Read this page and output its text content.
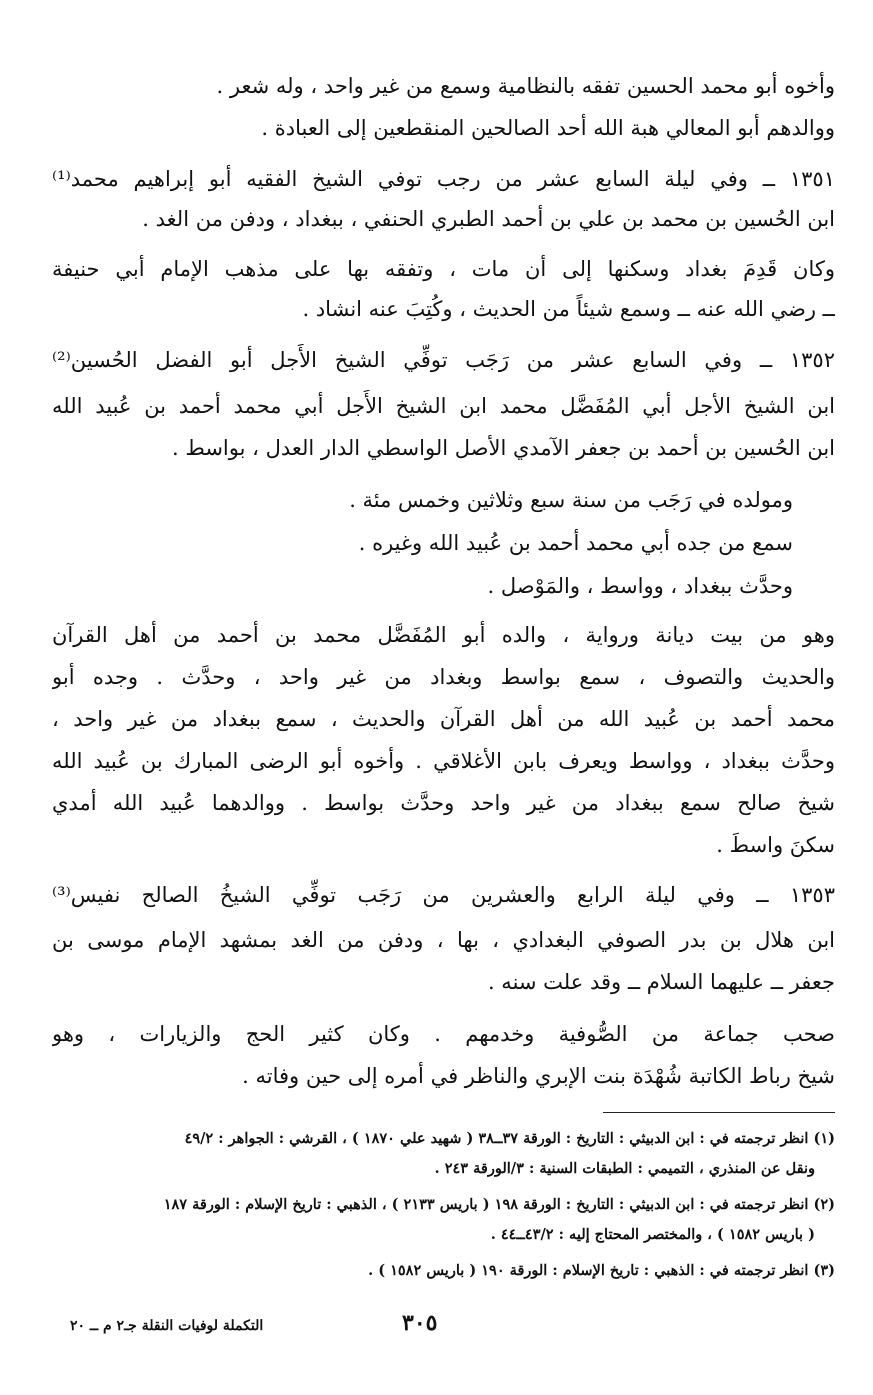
وأخوه أبو محمد الحسين تفقه بالنظامية وسمع من غير واحد ، وله شعر .
ووالدهم أبو المعالي هبة الله أحد الصالحين المنقطعين إلى العبادة .
١٣٥١ ــ وفي ليلة السابع عشر من رجب توفي الشيخ الفقيه أبو إبراهيم محمد⁽¹⁾
ابن الحُسين بن محمد بن علي بن أحمد الطبري الحنفي ، ببغداد ، ودفن من الغد .
وكان قَدِمَ بغداد وسكنها إلى أن مات ، وتفقه بها على مذهب الإمام أبي حنيفة
ــ رضي الله عنه ــ وسمع شيئاً من الحديث ، وكُتِبَ عنه انشاد .
١٣٥٢ ــ وفي السابع عشر من رَجَب توفِّي الشيخ الأَجل أبو الفضل الحُسين⁽²⁾
ابن الشيخ الأجل أبي المُفَضَّل محمد ابن الشيخ الأَجل أبي محمد أحمد بن عُبيد الله
ابن الحُسين بن أحمد بن جعفر الآمدي الأصل الواسطي الدار العدل ، بواسط .
ومولده في رَجَب من سنة سبع وثلاثين وخمس مئة .
سمع من جده أبي محمد أحمد بن عُبيد الله وغيره .
وحدَّث ببغداد ، وواسط ، والمَوْصل .
وهو من بيت ديانة ورواية ، والده أبو المُفَضَّل محمد بن أحمد من أهل القرآن
والحديث والتصوف ، سمع بواسط وبغداد من غير واحد ، وحدَّث . وجده أبو
محمد أحمد بن عُبيد الله من أهل القرآن والحديث ، سمع ببغداد من غير واحد ،
وحدَّث ببغداد ، وواسط ويعرف بابن الأغلاقي . وأخوه أبو الرضى المبارك بن عُبيد الله
شيخ صالح سمع ببغداد من غير واحد وحدَّث بواسط . ووالدهما عُبيد الله أمدي
سكنَ واسطَ .
١٣٥٣ ــ وفي ليلة الرابع والعشرين من رَجَب توفِّي الشيخُ الصالح نفيس⁽³⁾
ابن هلال بن بدر الصوفي البغدادي ، بها ، ودفن من الغد بمشهد الإمام موسى بن
جعفر ــ عليهما السلام ــ وقد علت سنه .
صحب جماعة من الصُّوفية وخدمهم . وكان كثير الحج والزيارات ، وهو
شيخ رباط الكاتبة شُهْدَة بنت الإبري والناظر في أمره إلى حين وفاته .
(١) انظر ترجمته في : ابن الدبيثي : التاريخ : الورقة ٣٧ــ٣٨ ( شهيد علي ١٨٧٠ ) ، القرشي : الجواهر : ٤٩/٢
ونقل عن المنذري ، التميمي : الطبقات السنية : ٣/الورقة ٢٤٣ .
(٢) انظر ترجمته في : ابن الدبيثي : التاريخ : الورقة ١٩٨ ( باريس ٢١٣٣ ) ، الذهبي : تاريخ الإسلام : الورقة ١٨٧
( باريس ١٥٨٢ ) ، والمختصر المحتاج إليه : ٤٣/٢ــ٤٤ .
(٣) انظر ترجمته في : الذهبي : تاريخ الإسلام : الورقة ١٩٠ ( باريس ١٥٨٢ ) .
٣٠٥
التكملة لوفيات النقلة جـ٢ م ــ ٢٠
